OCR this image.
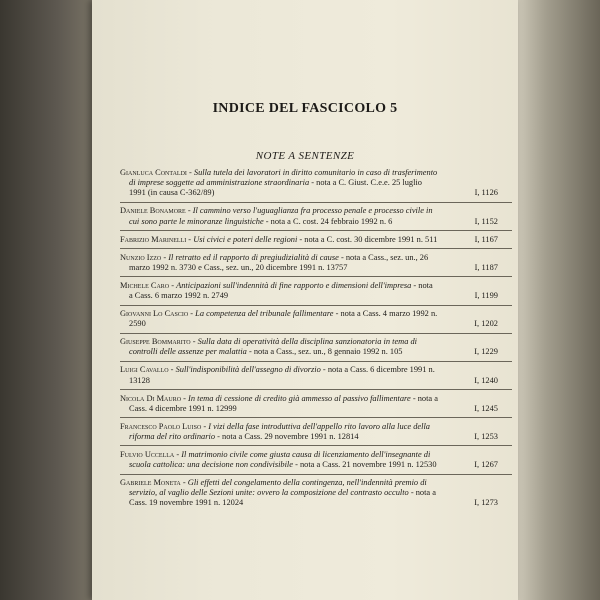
INDICE DEL FASCICOLO 5
NOTE A SENTENZE
Gianluca Contaldi - Sulla tutela dei lavoratori in diritto comunitario in caso di trasferimento di imprese soggette ad amministrazione straordinaria - nota a C. Giust. C.e.e. 25 luglio 1991 (in causa C-362/89)	I, 1126
Daniele Bonamore - Il cammino verso l'uguaglianza fra processo penale e processo civile in cui sono parte le minoranze linguistiche - nota a C. cost. 24 febbraio 1992 n. 6	I, 1152
Fabrizio Marinelli - Usi civici e poteri delle regioni - nota a C. cost. 30 dicembre 1991 n. 511	I, 1167
Nunzio Izzo - Il retratto ed il rapporto di pregiudizialità di cause - nota a Cass., sez. un., 26 marzo 1992 n. 3730 e Cass., sez. un., 20 dicembre 1991 n. 13757	I, 1187
Michele Caro - Anticipazioni sull'indennità di fine rapporto e dimensioni dell'impresa - nota a Cass. 6 marzo 1992 n. 2749	I, 1199
Giovanni Lo Cascio - La competenza del tribunale fallimentare - nota a Cass. 4 marzo 1992 n. 2590	I, 1202
Giuseppe Bommarito - Sulla data di operatività della disciplina sanzionatoria in tema di controlli delle assenze per malattia - nota a Cass., sez. un., 8 gennaio 1992 n. 105	I, 1229
Luigi Cavallo - Sull'indisponibilità dell'assegno di divorzio - nota a Cass. 6 dicembre 1991 n. 13128	I, 1240
Nicola Di Mauro - In tema di cessione di credito già ammesso al passivo fallimentare - nota a Cass. 4 dicembre 1991 n. 12999	I, 1245
Francesco Paolo Luiso - I vizi della fase introduttiva dell'appello rito lavoro alla luce della riforma del rito ordinario - nota a Cass. 29 novembre 1991 n. 12814	I, 1253
Fulvio Uccella - Il matrimonio civile come giusta causa di licenziamento dell'insegnante di scuola cattolica: una decisione non condivisibile - nota a Cass. 21 novembre 1991 n. 12530	I, 1267
Gabriele Moneta - Gli effetti del congelamento della contingenza, nell'indennità premio di servizio, al vaglio delle Sezioni unite: ovvero la composizione del contrasto occulto - nota a Cass. 19 novembre 1991 n. 12024	I, 1273
